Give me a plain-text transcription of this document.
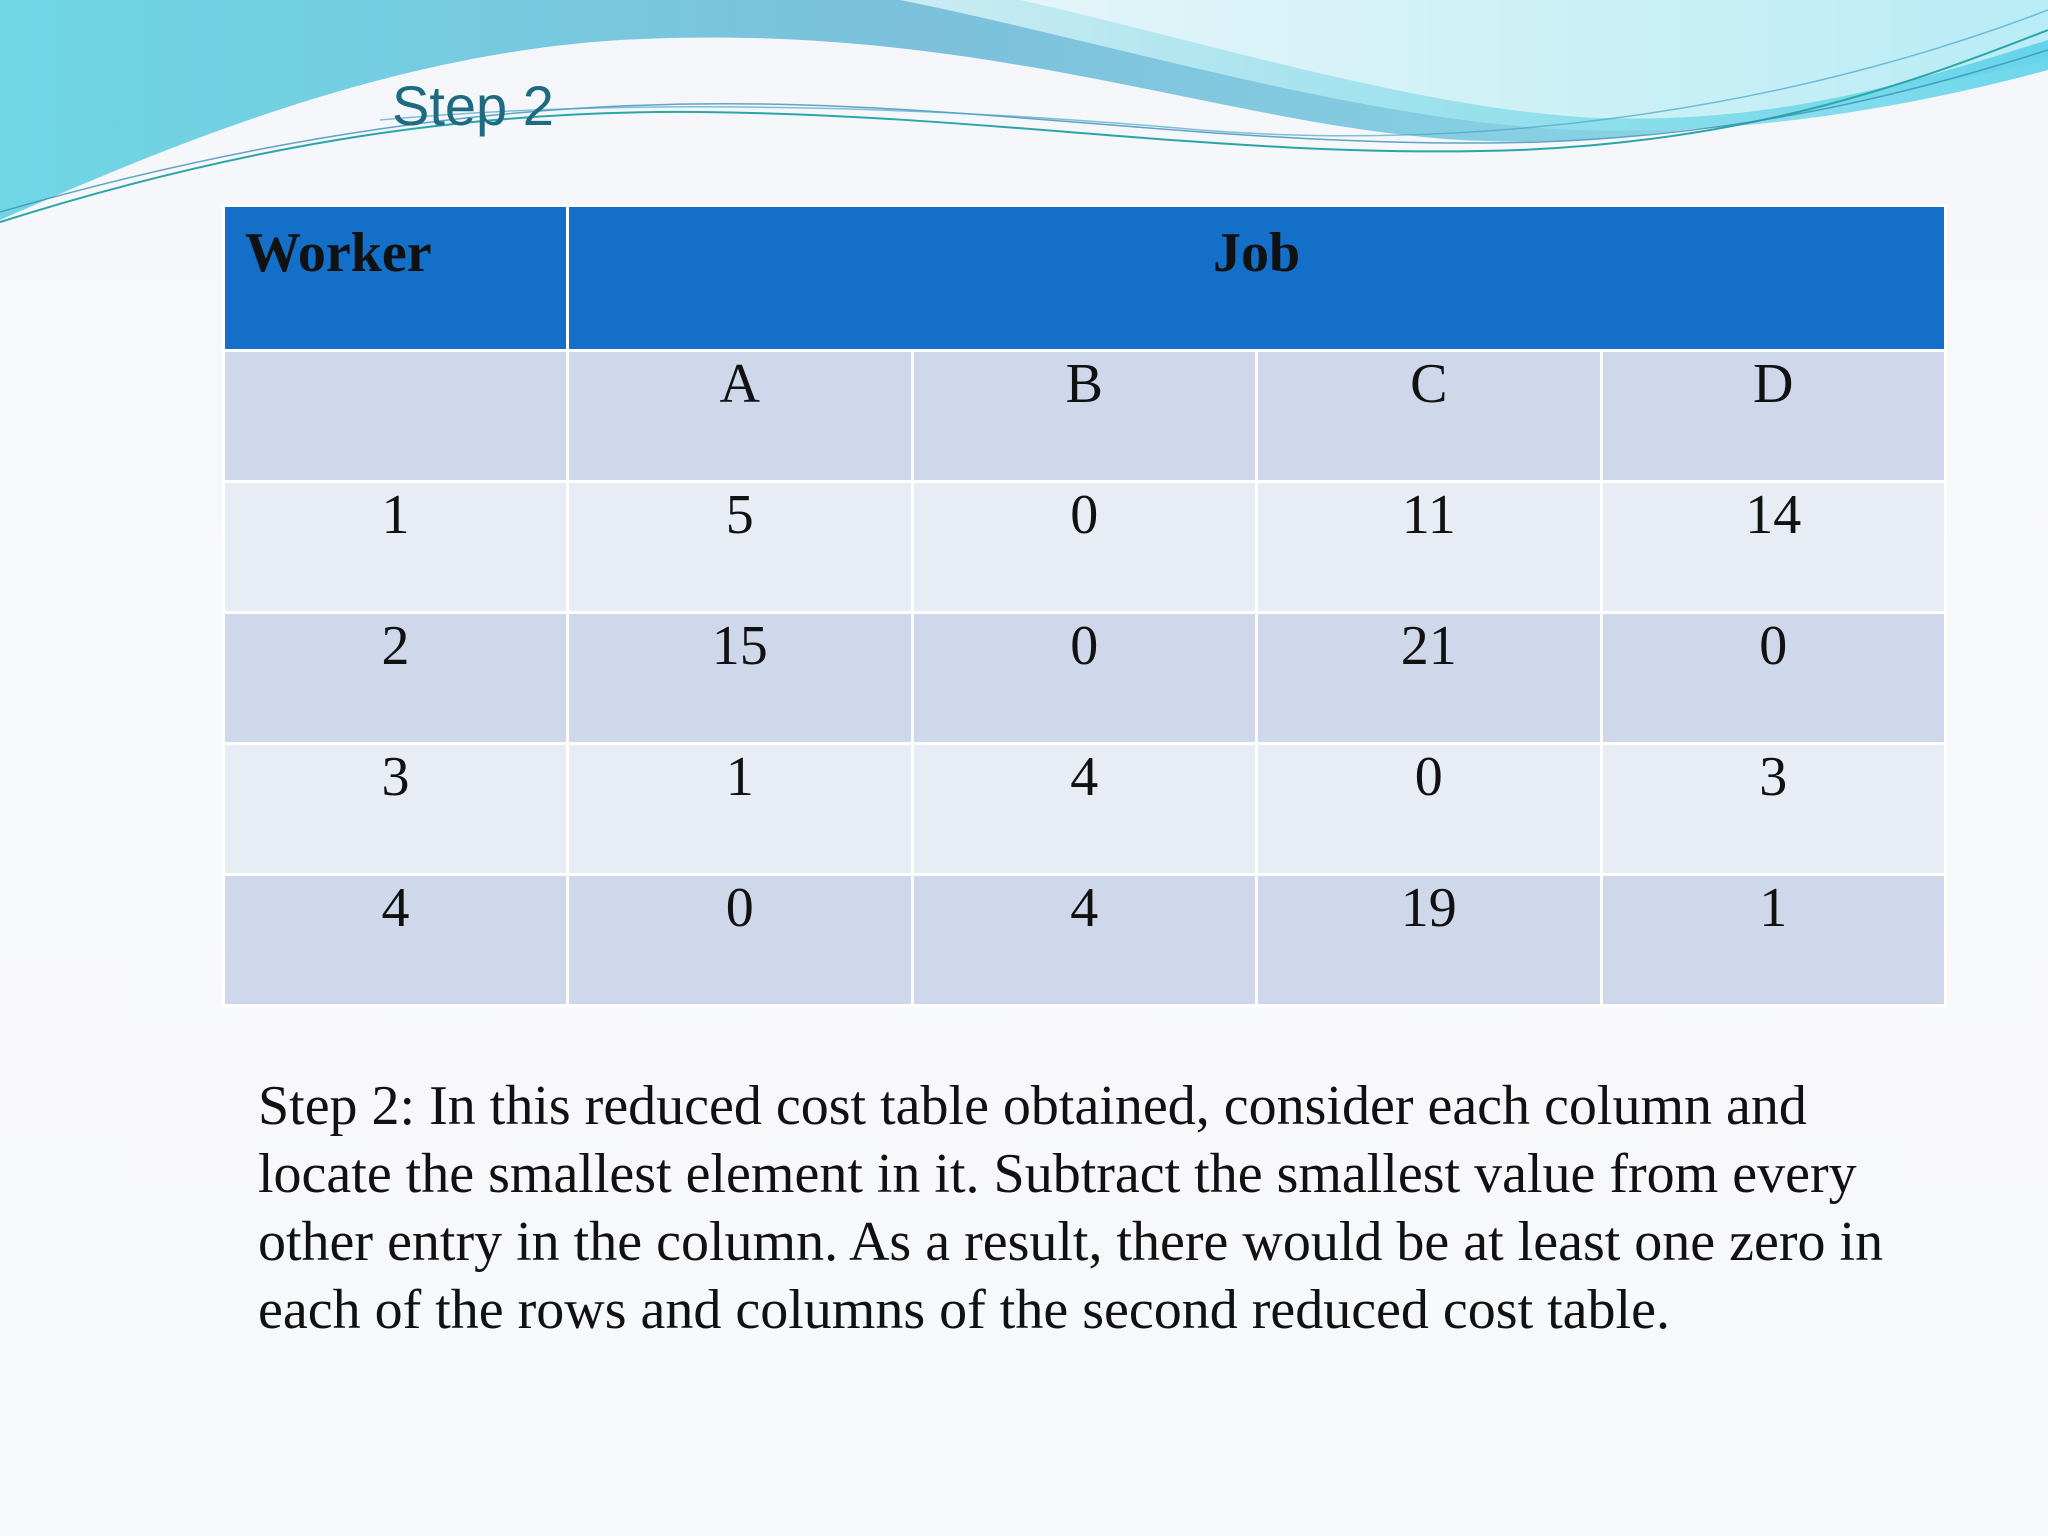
Step 2
Worker	Job			
	A	B	C	D
1	5	0	11	14
2	15	0	21	0
3	1	4	0	3
4	0	4	19	1
Step 2: In this reduced cost table obtained, consider each column and locate the smallest element in it. Subtract the smallest value from every other entry in the column. As a result, there would be at least one zero in each of the rows and columns of the second reduced cost table.
